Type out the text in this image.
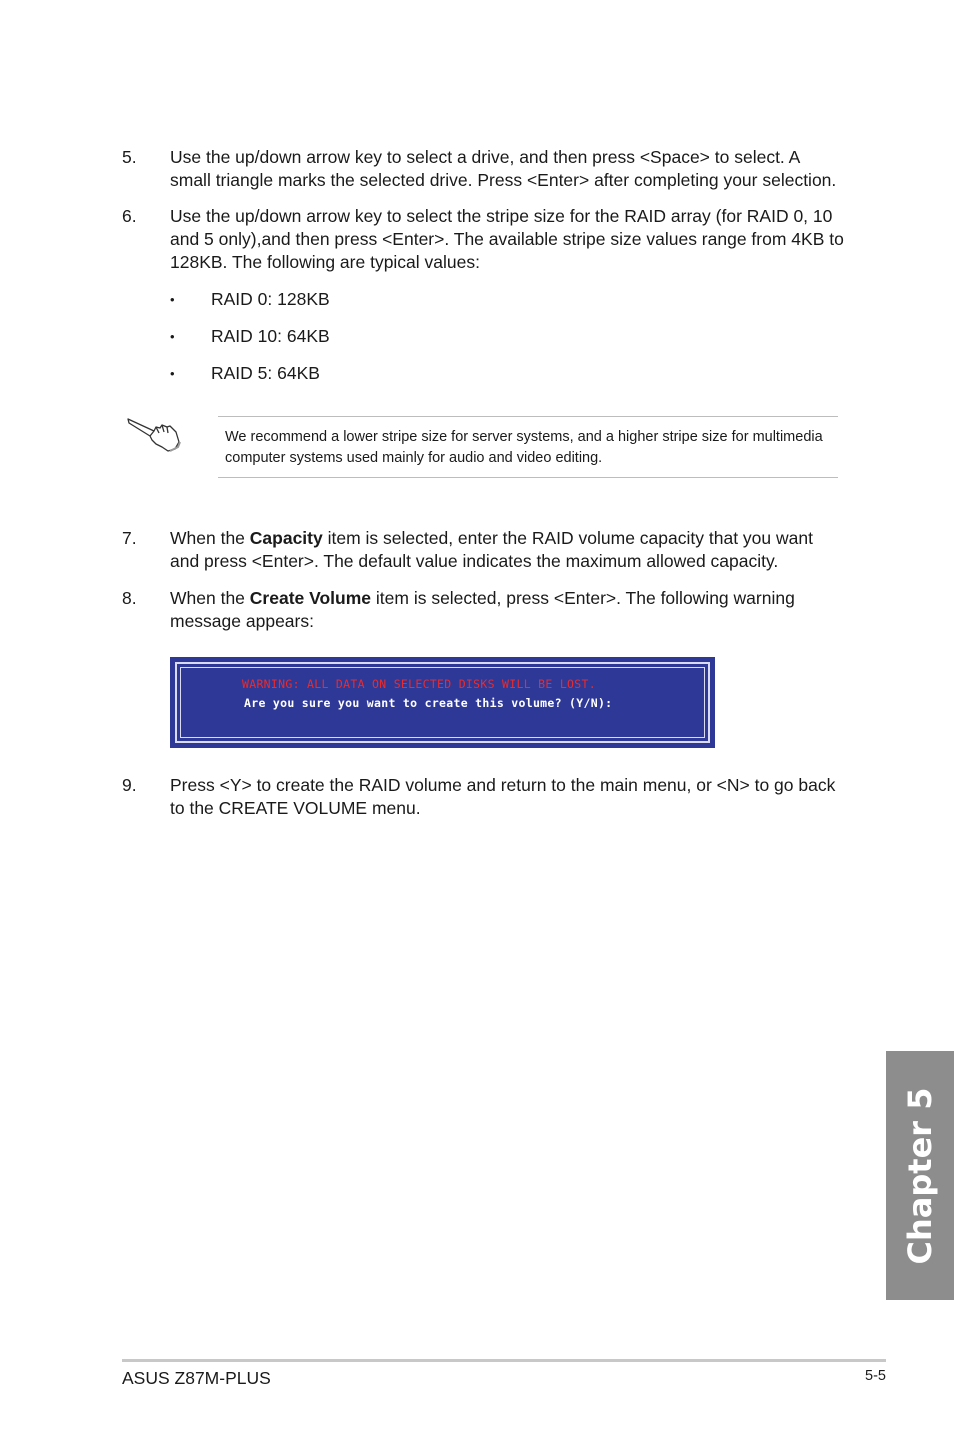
5. Use the up/down arrow key to select a drive, and then press <Space> to select. A small triangle marks the selected drive. Press <Enter> after completing your selection.
6. Use the up/down arrow key to select the stripe size for the RAID array (for RAID 0, 10 and 5 only),and then press <Enter>. The available stripe size values range from 4KB to 128KB. The following are typical values:
• RAID 0: 128KB
• RAID 10: 64KB
• RAID 5: 64KB
We recommend a lower stripe size for server systems, and a higher stripe size for multimedia computer systems used mainly for audio and video editing.
7. When the Capacity item is selected, enter the RAID volume capacity that you want and press <Enter>. The default value indicates the maximum allowed capacity.
8. When the Create Volume item is selected, press <Enter>. The following warning message appears:
WARNING: ALL DATA ON SELECTED DISKS WILL BE LOST.
Are you sure you want to create this volume? (Y/N):
9. Press <Y> to create the RAID volume and return to the main menu, or <N> to go back to the CREATE VOLUME menu.
Chapter 5
ASUS Z87M-PLUS	5-5
